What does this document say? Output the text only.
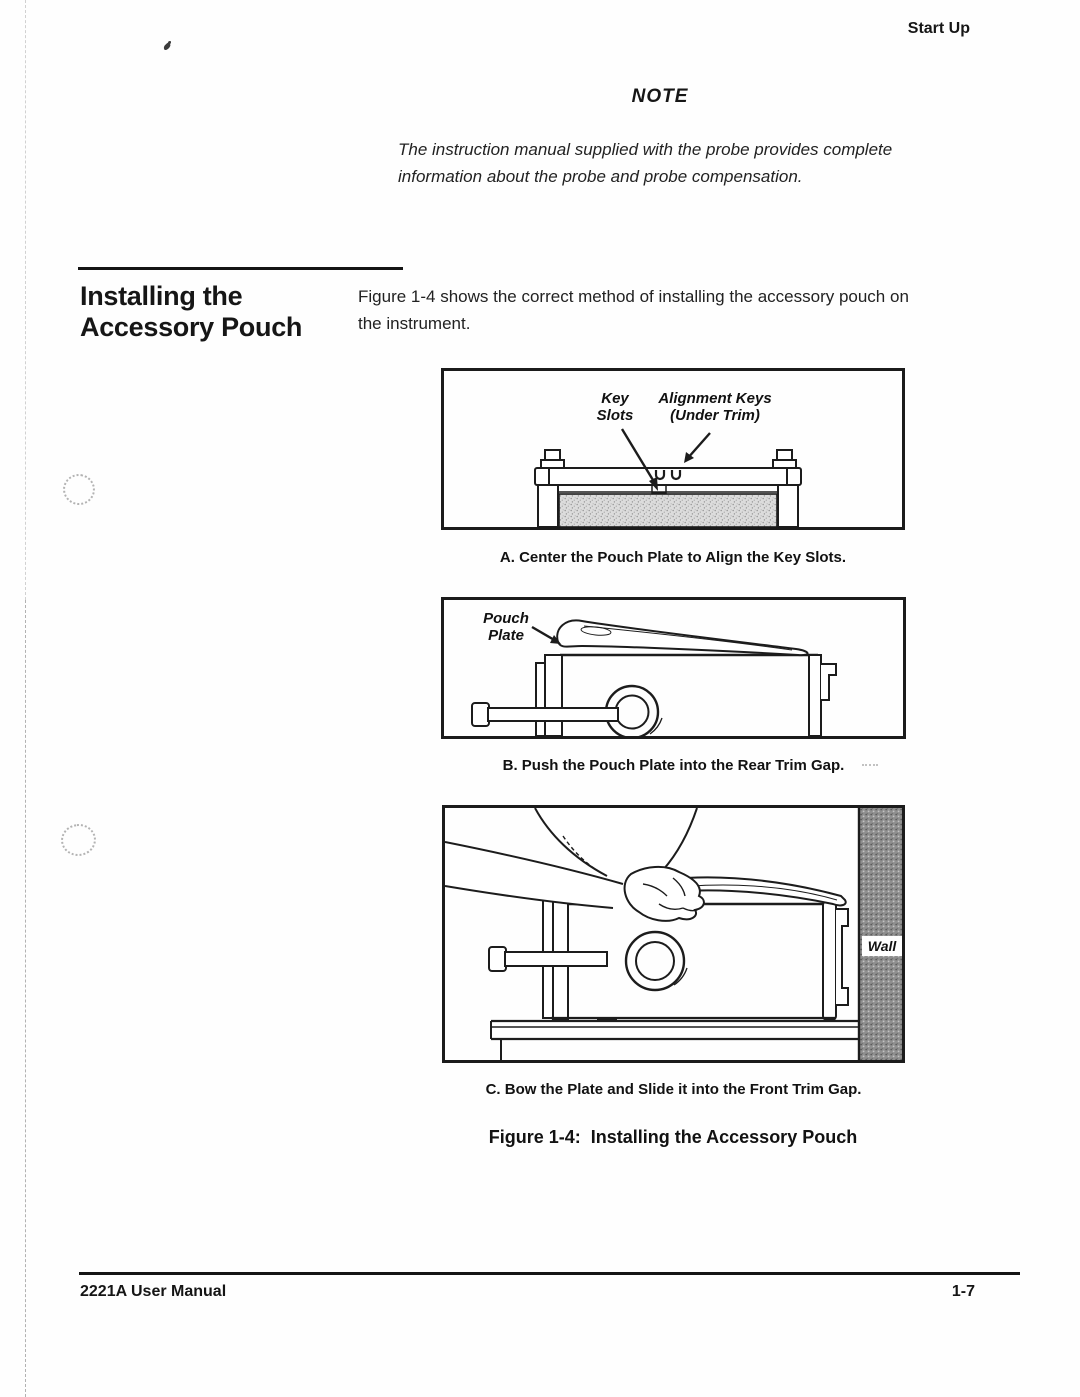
Start Up
NOTE
The instruction manual supplied with the probe provides complete
information about the probe and probe compensation.
Installing the
Accessory Pouch
Figure 1-4 shows the correct method of installing the accessory pouch on
the instrument.
Key
Slots
Alignment Keys
(Under Trim)
A. Center the Pouch Plate to Align the Key Slots.
Pouch
Plate
B. Push the Pouch Plate into the Rear Trim Gap.
Wall
C. Bow the Plate and Slide it into the Front Trim Gap.
Figure 1-4:  Installing the Accessory Pouch
2221A User Manual	1-7
